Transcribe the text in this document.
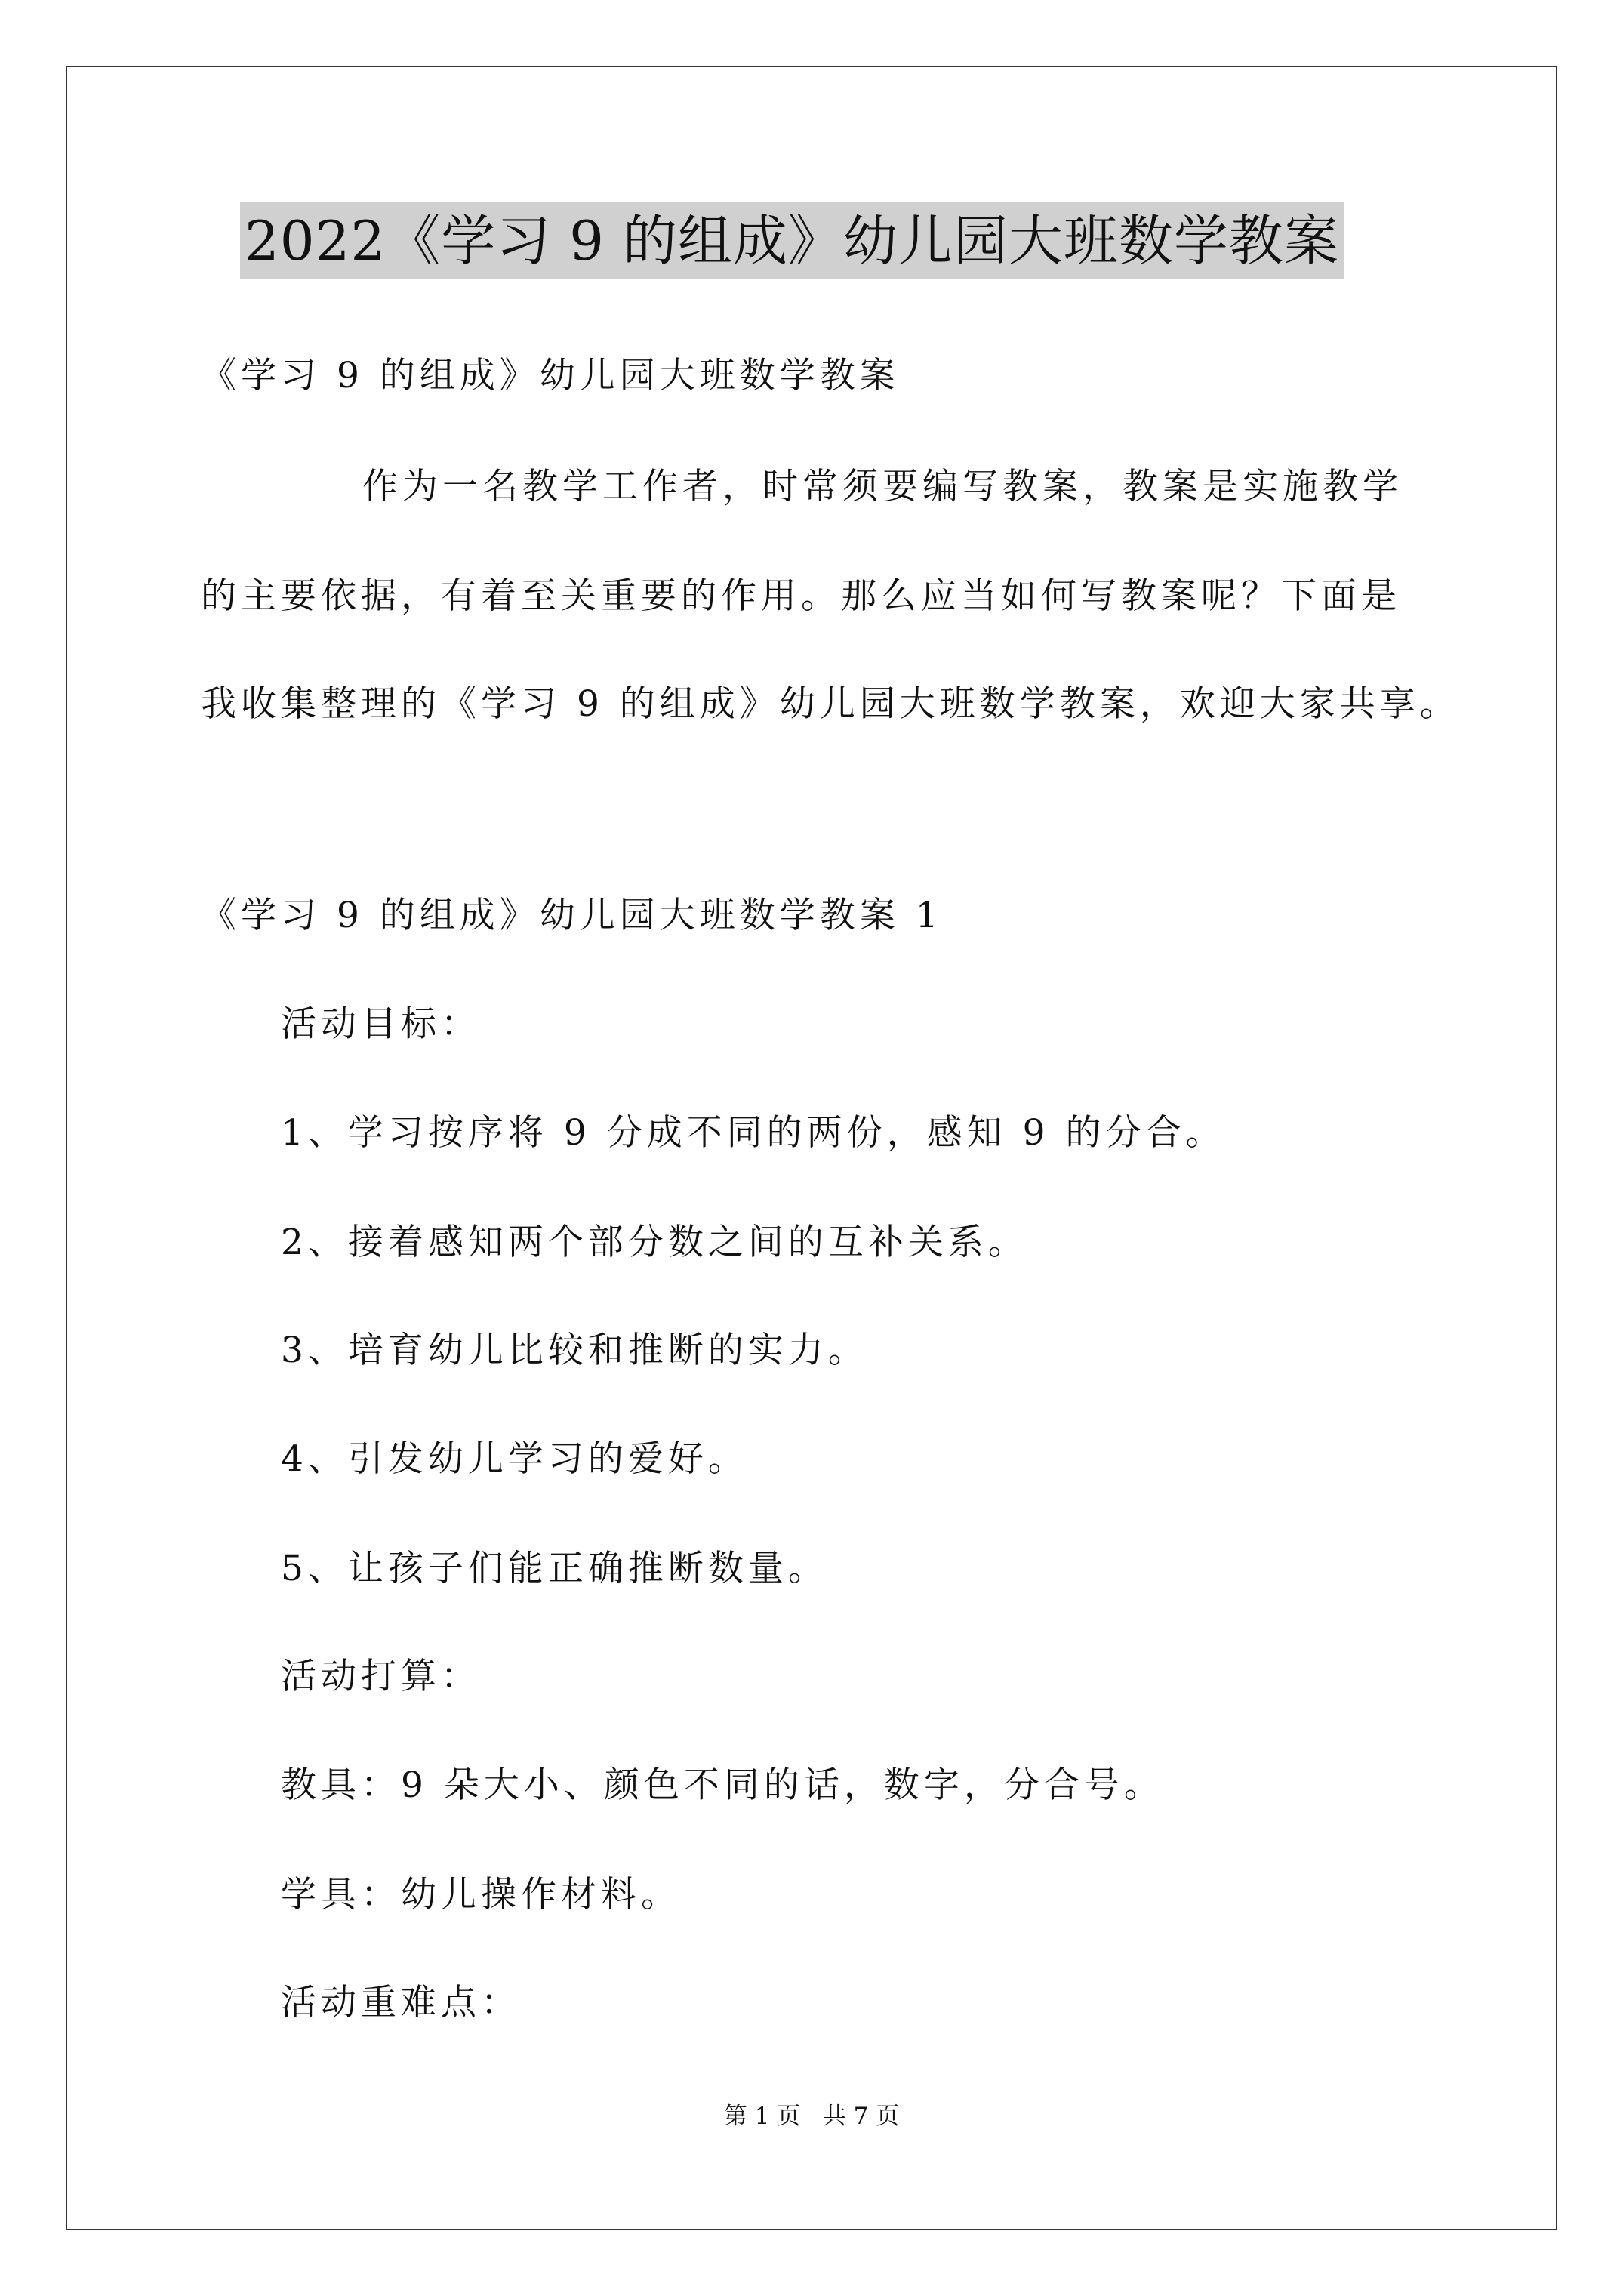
2022《学习 9 的组成》幼儿园大班数学教案
《学习 9 的组成》幼儿园大班数学教案
作为一名教学工作者，时常须要编写教案，教案是实施教学
的主要依据，有着至关重要的作用。那么应当如何写教案呢？下面是
我收集整理的《学习 9 的组成》幼儿园大班数学教案，欢迎大家共享。
《学习 9 的组成》幼儿园大班数学教案 1
活动目标：
1、学习按序将 9 分成不同的两份，感知 9 的分合。
2、接着感知两个部分数之间的互补关系。
3、培育幼儿比较和推断的实力。
4、引发幼儿学习的爱好。
5、让孩子们能正确推断数量。
活动打算：
教具：9 朵大小、颜色不同的话，数字，分合号。
学具：幼儿操作材料。
活动重难点：
第 1 页   共 7 页
